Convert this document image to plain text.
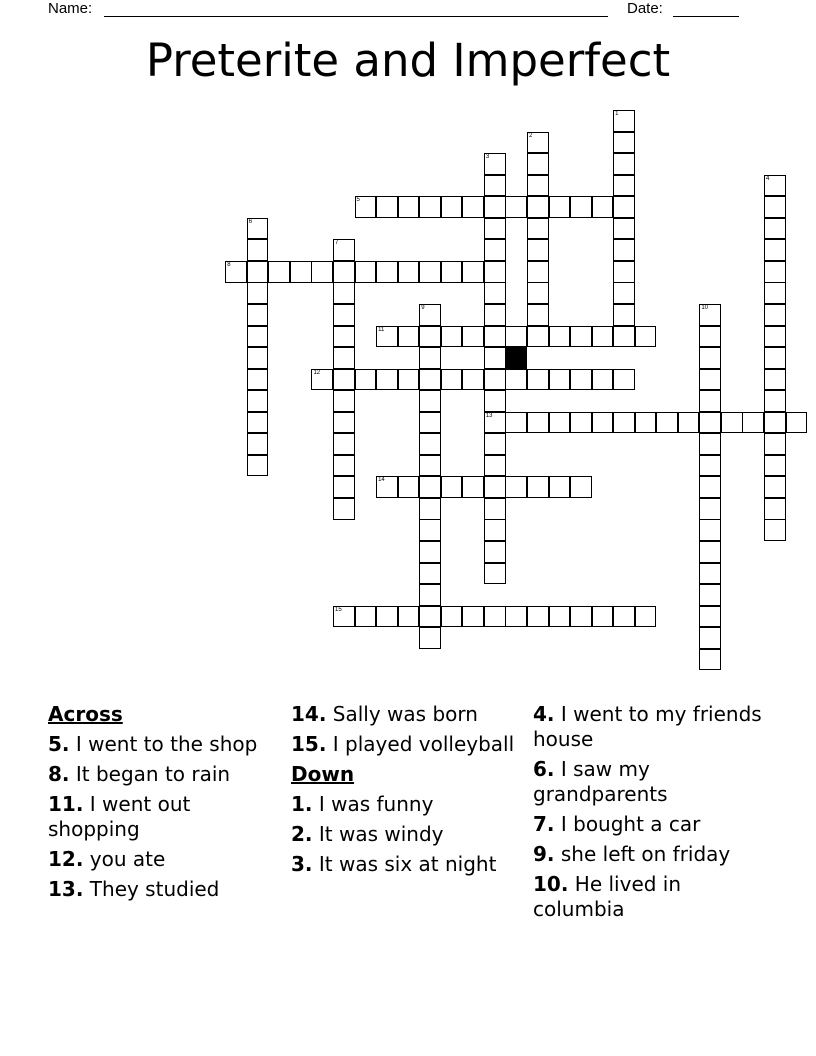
Name:	Date:
Preterite and Imperfect
1
2
3
13
4
5
6
7
8
9	10
11
12
14
15
Across
5. I went to the shop
8. It began to rain
11. I went out shopping
12. you ate
13. They studied
14. Sally was born
15. I played volleyball
Down
1. I was funny
2. It was windy
3. It was six at night
4. I went to my friends house
6. I saw my grandparents
7. I bought a car
9. she left on friday
10. He lived in columbia
